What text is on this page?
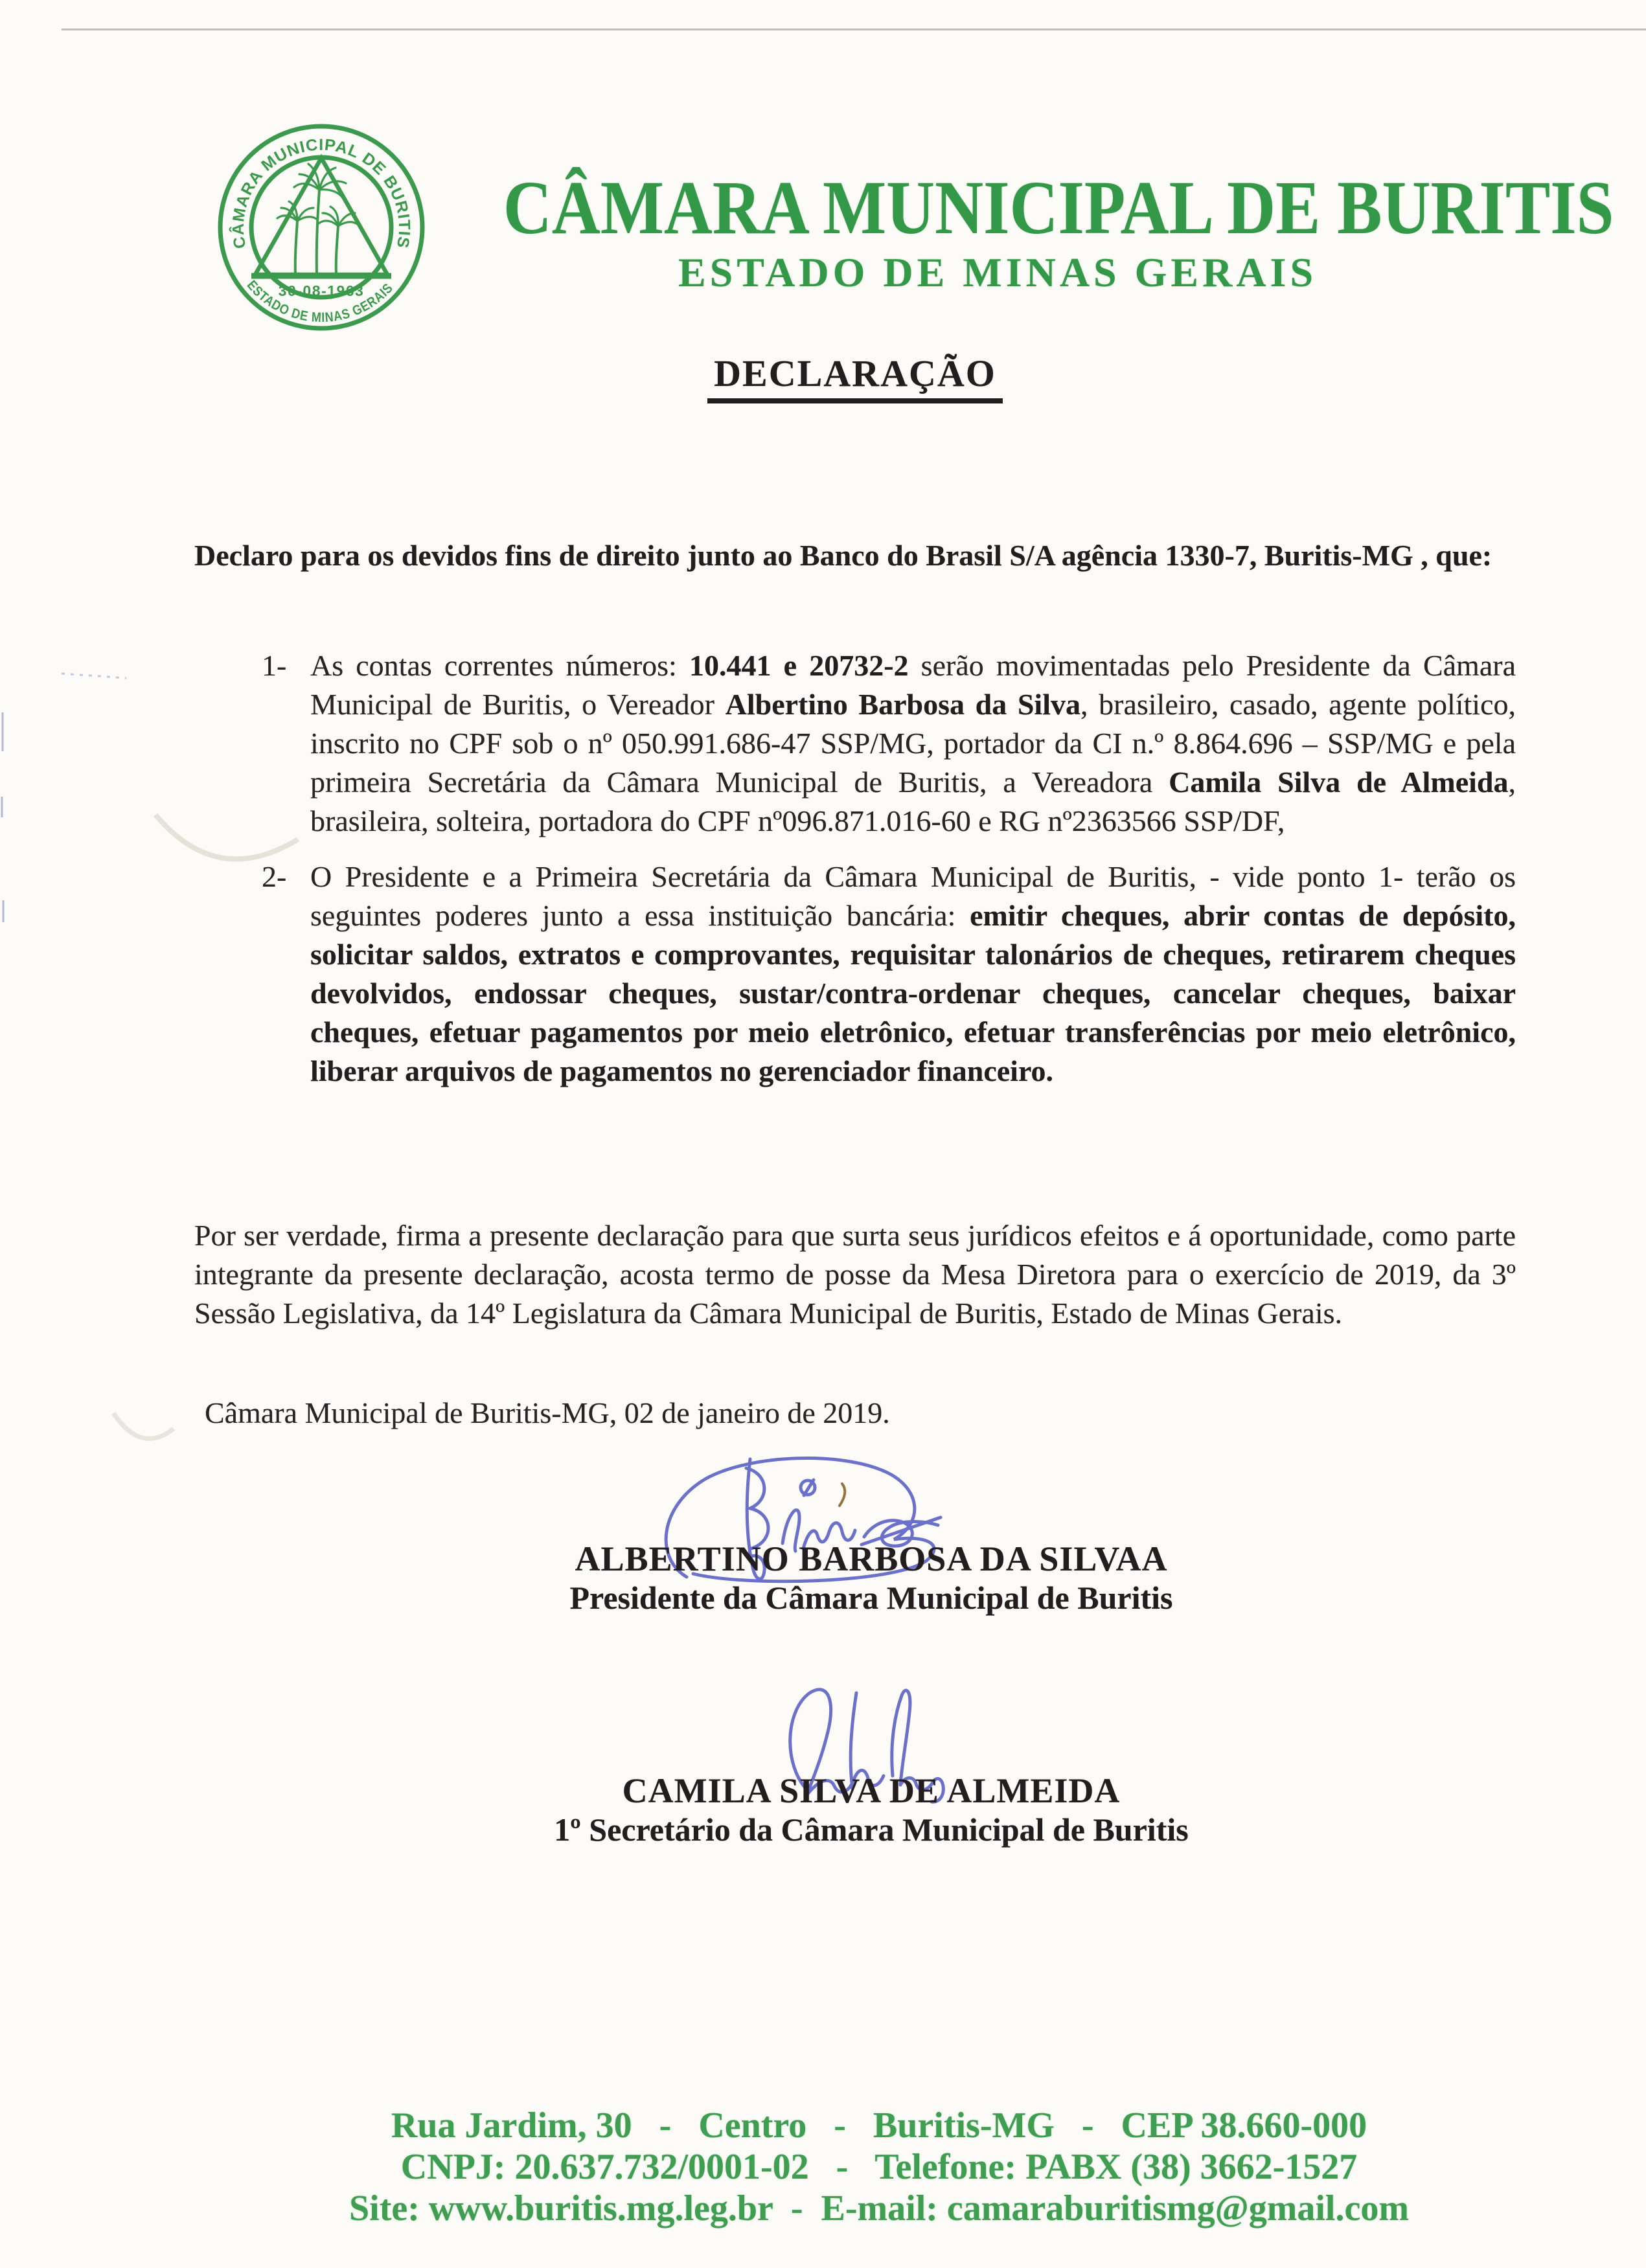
CÂMARA MUNICIPAL DE BURITIS
ESTADO DE MINAS GERAIS
30-08-1963
CÂMARA MUNICIPAL DE BURITIS
ESTADO DE MINAS GERAIS
DECLARAÇÃO

Declaro para os devidos fins de direito junto ao Banco do Brasil S/A agência 1330-7, Buritis-MG , que:

1- As contas correntes números: 10.441 e 20732-2 serão movimentadas pelo Presidente da Câmara Municipal de Buritis, o Vereador Albertino Barbosa da Silva, brasileiro, casado, agente político, inscrito no CPF sob o nº 050.991.686-47 SSP/MG, portador da CI n.º 8.864.696 – SSP/MG e pela primeira Secretária da Câmara Municipal de Buritis, a Vereadora Camila Silva de Almeida, brasileira, solteira, portadora do CPF nº096.871.016-60 e RG nº2363566 SSP/DF,
2- O Presidente e a Primeira Secretária da Câmara Municipal de Buritis, - vide ponto 1- terão os seguintes poderes junto a essa instituição bancária: emitir cheques, abrir contas de depósito, solicitar saldos, extratos e comprovantes, requisitar talonários de cheques, retirarem cheques devolvidos, endossar cheques, sustar/contra-ordenar cheques, cancelar cheques, baixar cheques, efetuar pagamentos por meio eletrônico, efetuar transferências por meio eletrônico, liberar arquivos de pagamentos no gerenciador financeiro.

Por ser verdade, firma a presente declaração para que surta seus jurídicos efeitos e á oportunidade, como parte integrante da presente declaração, acosta termo de posse da Mesa Diretora para o exercício de 2019, da 3º Sessão Legislativa, da 14º Legislatura da Câmara Municipal de Buritis, Estado de Minas Gerais.

Câmara Municipal de Buritis-MG, 02 de janeiro de 2019.

ALBERTINO BARBOSA DA SILVAA
Presidente da Câmara Municipal de Buritis
CAMILA SILVA DE ALMEIDA
1º Secretário da Câmara Municipal de Buritis
Rua Jardim, 30   -   Centro   -   Buritis-MG   -   CEP 38.660-000
CNPJ: 20.637.732/0001-02   -   Telefone: PABX (38) 3662-1527
Site: www.buritis.mg.leg.br  -  E-mail: camaraburitismg@gmail.com
